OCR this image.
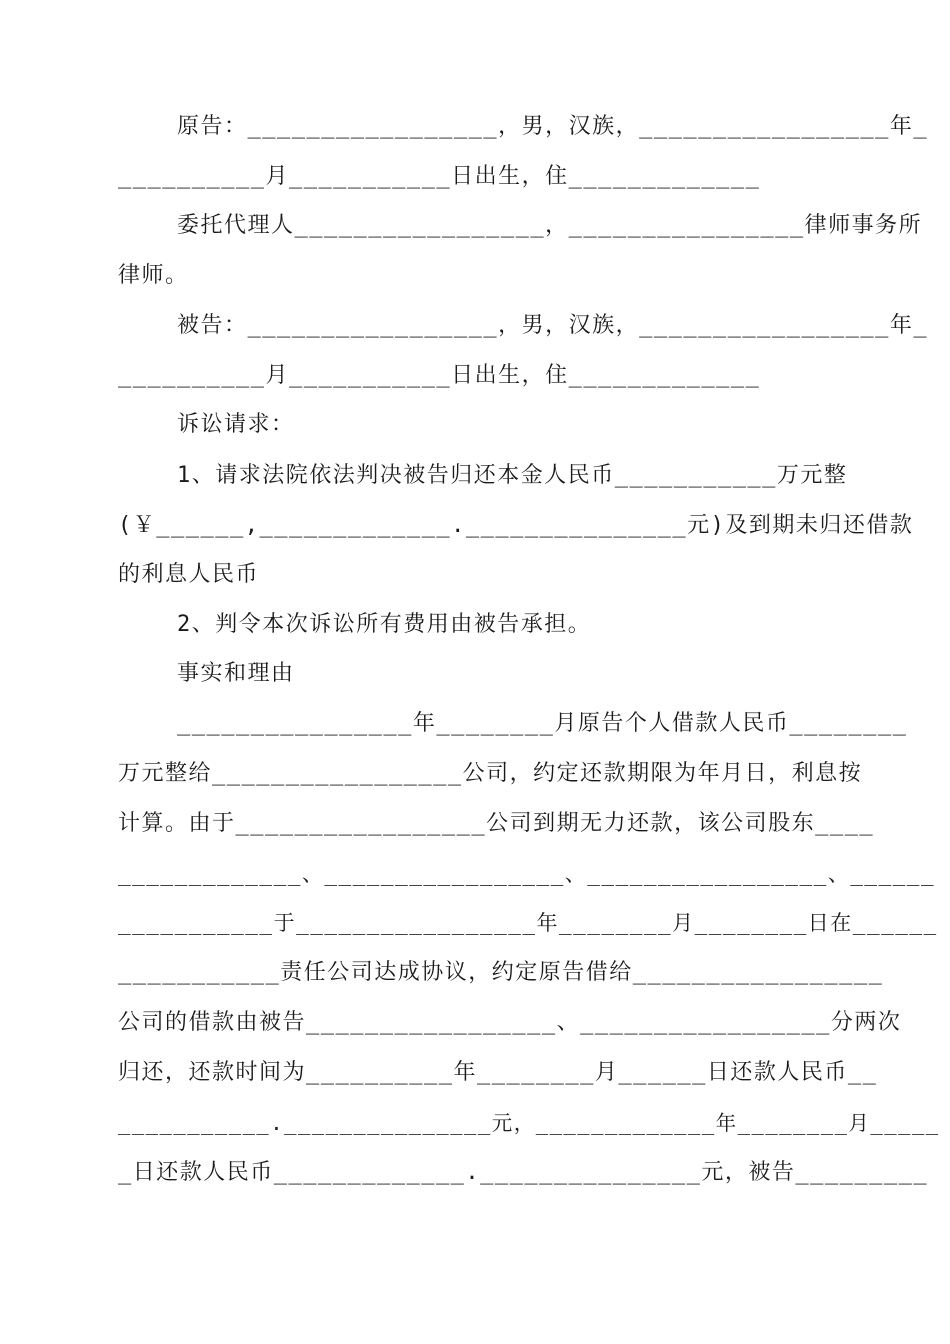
原告：_________________，男，汉族，_________________年_
__________月___________日出生，住_____________
委托代理人_________________，________________律师事务所
律师。
被告：_________________，男，汉族，_________________年_
__________月___________日出生，住_____________
诉讼请求：
1、请求法院依法判决被告归还本金人民币___________万元整
(￥______,_____________._______________元)及到期未归还借款
的利息人民币
2、判令本次诉讼所有费用由被告承担。
事实和理由
________________年________月原告个人借款人民币________
万元整给_________________公司，约定还款期限为年月日，利息按
计算。由于_________________公司到期无力还款，该公司股东____
_____________、_________________、_________________、______
___________于_________________年________月________日在______
___________责任公司达成协议，约定原告借给_________________
公司的借款由被告_________________、_________________分两次
归还，还款时间为__________年________月______日还款人民币__
___________._______________元，_____________年________月_____
_日还款人民币_____________._______________元，被告_________
